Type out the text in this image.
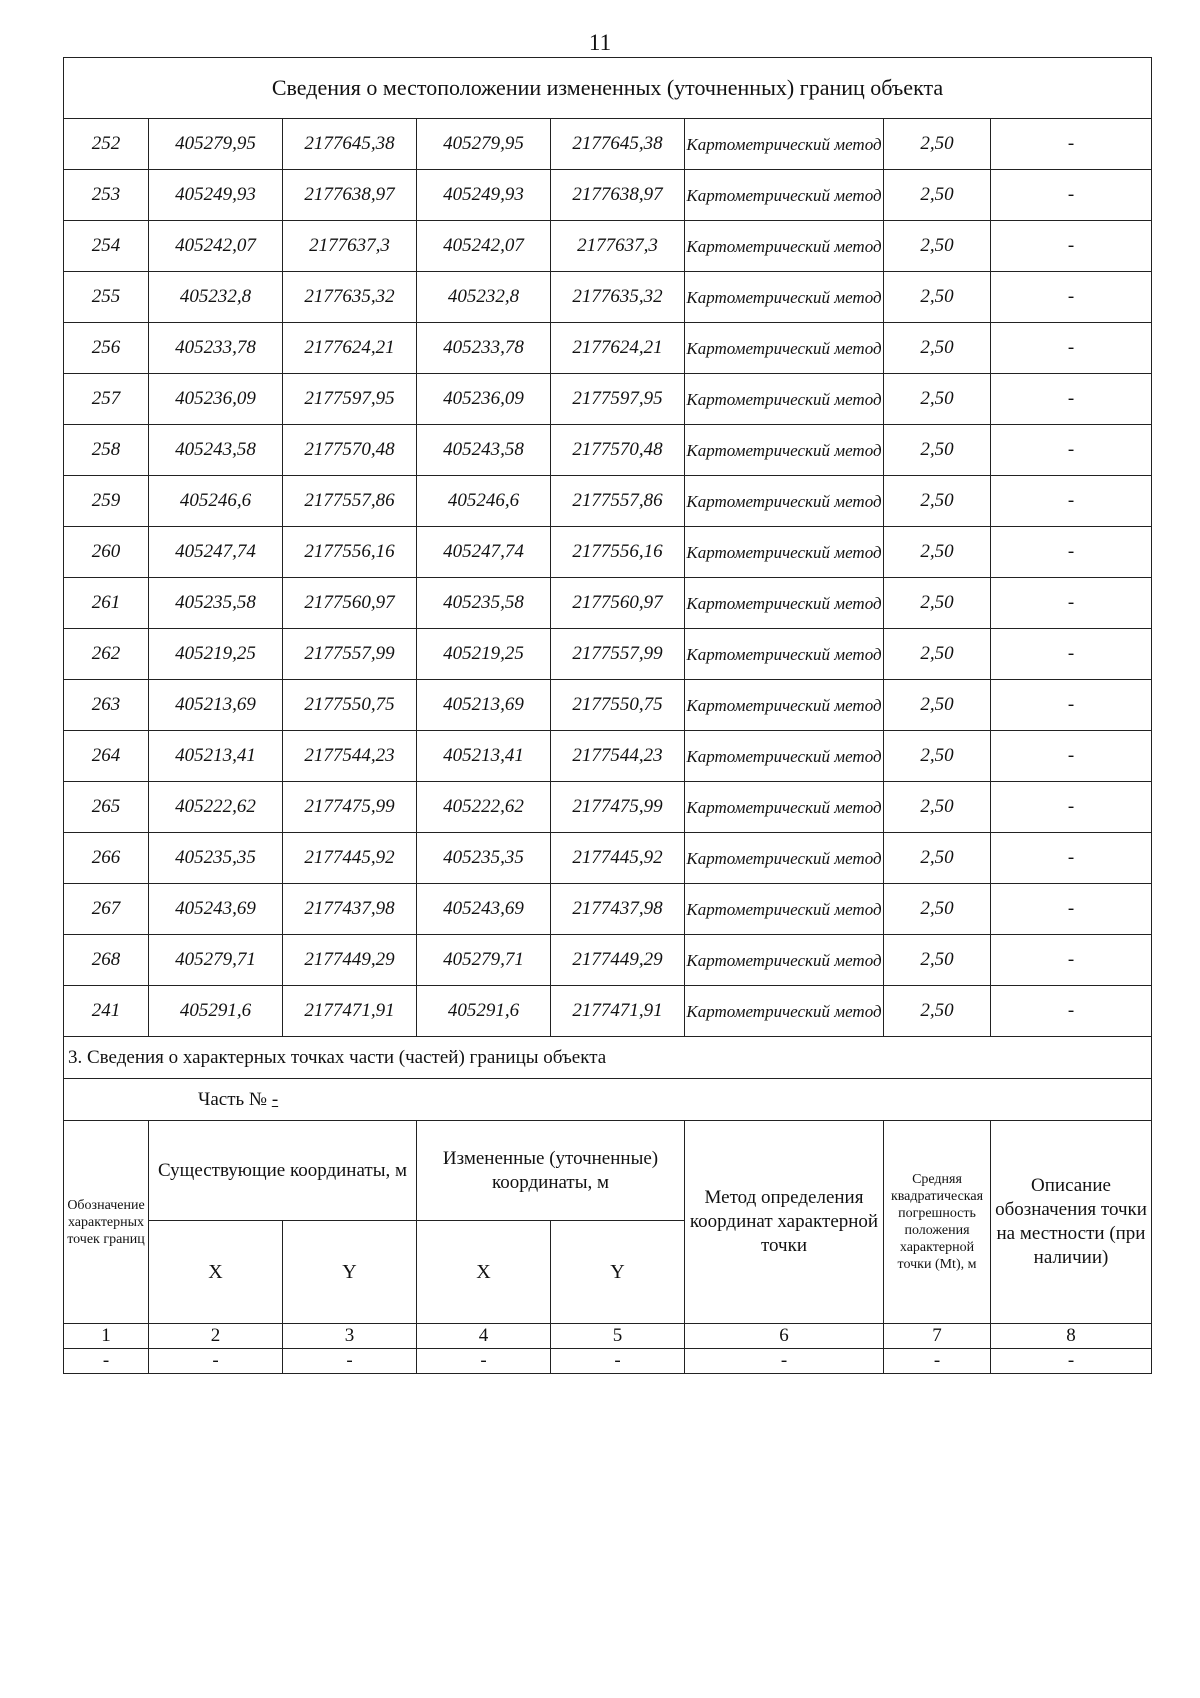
11
Сведения о местоположении измененных (уточненных) границ объекта							
252	405279,95	2177645,38	405279,95	2177645,38	Картометрический метод	2,50	-
253	405249,93	2177638,97	405249,93	2177638,97	Картометрический метод	2,50	-
254	405242,07	2177637,3	405242,07	2177637,3	Картометрический метод	2,50	-
255	405232,8	2177635,32	405232,8	2177635,32	Картометрический метод	2,50	-
256	405233,78	2177624,21	405233,78	2177624,21	Картометрический метод	2,50	-
257	405236,09	2177597,95	405236,09	2177597,95	Картометрический метод	2,50	-
258	405243,58	2177570,48	405243,58	2177570,48	Картометрический метод	2,50	-
259	405246,6	2177557,86	405246,6	2177557,86	Картометрический метод	2,50	-
260	405247,74	2177556,16	405247,74	2177556,16	Картометрический метод	2,50	-
261	405235,58	2177560,97	405235,58	2177560,97	Картометрический метод	2,50	-
262	405219,25	2177557,99	405219,25	2177557,99	Картометрический метод	2,50	-
263	405213,69	2177550,75	405213,69	2177550,75	Картометрический метод	2,50	-
264	405213,41	2177544,23	405213,41	2177544,23	Картометрический метод	2,50	-
265	405222,62	2177475,99	405222,62	2177475,99	Картометрический метод	2,50	-
266	405235,35	2177445,92	405235,35	2177445,92	Картометрический метод	2,50	-
267	405243,69	2177437,98	405243,69	2177437,98	Картометрический метод	2,50	-
268	405279,71	2177449,29	405279,71	2177449,29	Картометрический метод	2,50	-
241	405291,6	2177471,91	405291,6	2177471,91	Картометрический метод	2,50	-
3. Сведения о характерных точках части (частей) границы объекта							
Часть № -							
Обозначение характерных точек границ	Существующие координаты, м		Измененные (уточненные) координаты, м		Метод определения координат характерной точки	Средняя квадратическая погрешность положения характерной точки (Mt), м	Описание обозначения точки на местности (при наличии)
	X	Y	X	Y			
1	2	3	4	5	6	7	8
-	-	-	-	-	-	-	-
